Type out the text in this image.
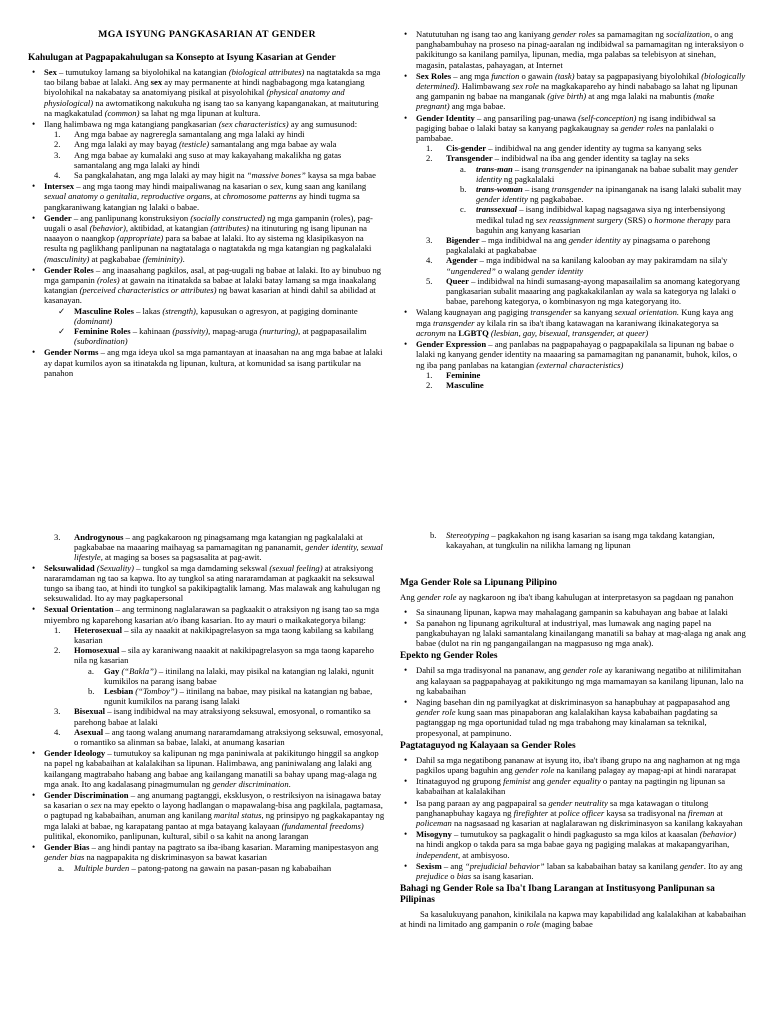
MGA ISYUNG PANGKASARIAN AT GENDER
Kahulugan at Pagpapakahulugan sa Konsepto at Isyung Kasarian at Gender
• Sex – tumutukoy lamang sa biyolohikal na katangian (biological attributes) na nagtatakda sa mga tao bilang babae at lalaki. Ang sex ay may permanente at hindi nagbabagong mga katangiang biyolohikal na nakabatay sa anatomiyang pisikal at pisyolohikal (physical anatomy and physiological) na awtomatikong nakukuha ng isang tao sa kanyang kapanganakan, at maituturing na magkakatulad (common) sa lahat ng mga lipunan at kultura.
• Ilang halimbawa ng mga katangiang pangkasarian (sex characteristics) ay ang sumusunod:
1. Ang mga babae ay nagreregla samantalang ang mga lalaki ay hindi
2. Ang mga lalaki ay may bayag (testicle) samantalang ang mga babae ay wala
3. Ang mga babae ay kumalaki ang suso at may kakayahang makalikha ng gatas samantalang ang mga lalaki ay hindi
4. Sa pangkalahatan, ang mga lalaki ay may higit na “massive bones” kaysa sa mga babae
• Intersex – ang mga taong may hindi maipaliwanag na kasarian o sex, kung saan ang kanilang sexual anatomy o genitalia, reproductive organs, at chromosome patterns ay hindi tugma sa pangkaraniwang katangian ng lalaki o babae.
• Gender – ang panlipunang konstruksiyon (socially constructed) ng mga gampanin (roles), pag-uugali o asal (behavior), aktibidad, at katangian (attributes) na itinuturing ng isang lipunan na naaayon o naangkop (appropriate) para sa babae at lalaki. Ito ay sistema ng klasipikasyon na resulta ng paglikhang panlipunan na nagtatalaga o nagtatakda ng mga katangian ng pagkalalaki (masculinity) at pagkababae (femininity).
• Gender Roles – ang inaasahang pagkilos, asal, at pag-uugali ng babae at lalaki. Ito ay binubuo ng mga gampanin (roles) at gawain na itinatakda sa babae at lalaki batay lamang sa mga inaakalang katangian (perceived characteristics or attributes) ng bawat kasarian at hindi dahil sa abilidad at kasanayan.
✓ Masculine Roles – lakas (strength), kapusukan o agresyon, at pagiging dominante (dominant)
✓ Feminine Roles – kahinaan (passivity), mapag-aruga (nurturing), at pagpapasailalim (subordination)
• Gender Norms – ang mga ideya ukol sa mga pamantayan at inaasahan na ang mga babae at lalaki ay dapat kumilos ayon sa itinatakda ng lipunan, kultura, at komunidad sa isang partikular na panahon
• Natututuhan ng isang tao ang kaniyang gender roles sa pamamagitan ng socialization, o ang panghabambuhay na proseso na pinag-aaralan ng indibidwal sa pamamagitan ng interaksiyon o pakikitungo sa kanilang pamilya, lipunan, media, mga palabas sa telebisyon at sinehan, magasin, patalastas, pahayagan, at Internet
• Sex Roles – ang mga function o gawain (task) batay sa pagpapasiyang biyolohikal (biologically determined). Halimbawang sex role na magkakapareho ay hindi nababago sa lahat ng lipunan ang gampanin ng babae na manganak (give birth) at ang mga lalaki na mabuntis (make pregnant) ang mga babae.
• Gender Identity – ang pansariling pag-unawa (self-conception) ng isang indibidwal sa pagiging babae o lalaki batay sa kanyang pagkakaugnay sa gender roles na panlalaki o pambabae.
1. Cis-gender – indibidwal na ang gender identity ay tugma sa kanyang seks
2. Transgender – indibidwal na iba ang gender identity sa taglay na seks
a. trans-man – isang transgender na ipinanganak na babae subalit may gender identity ng pagkalalaki
b. trans-woman – isang transgender na ipinanganak na isang lalaki subalit may gender identity ng pagkababae.
c. transsexual – isang indibidwal kapag nagsagawa siya ng interbensiyong medikal tulad ng sex reassignment surgery (SRS) o hormone therapy para baguhin ang kanyang kasarian
3. Bigender – mga indibidwal na ang gender identity ay pinagsama o parehong pagkalalaki at pagkababae
4. Agender – mga indibidwal na sa kanilang kalooban ay may pakiramdam na sila'y “ungendered” o walang gender identity
5. Queer – indibidwal na hindi sumasang-ayong mapasailalim sa anomang kategoryang pangkasarian subalit maaaring ang pagkakakilanlan ay wala sa kategorya ng lalaki o babae, parehong kategorya, o kombinasyon ng mga kategoryang ito.
• Walang kaugnayan ang pagiging transgender sa kanyang sexual orientation. Kung kaya ang mga transgender ay kilala rin sa iba't ibang katawagan na karaniwang ikinakategorya sa acronym na LGBTQ (lesbian, gay, bisexual, transgender, at queer)
• Gender Expression – ang panlabas na pagpapahayag o pagpapakilala sa lipunan ng babae o lalaki ng kanyang gender identity na maaaring sa pamamagitan ng pananamit, buhok, kilos, o ng iba pang panlabas na katangian (external characteristics)
1. Feminine
2. Masculine
3. Androgynous – ang pagkakaroon ng pinagsamang mga katangian ng pagkalalaki at pagkababae na maaaring maihayag sa pamamagitan ng pananamit, gender identity, sexual lifestyle, at maging sa boses sa pagsasalita at pag-awit.
• Seksuwalidad (Sexuality) – tungkol sa mga damdaming sekswal (sexual feeling) at atraksiyong nararamdaman ng tao sa kapwa. Ito ay tungkol sa ating nararamdaman at pagkaakit na seksuwal tungo sa ibang tao, at hindi ito tungkol sa pakikipagtalik lamang. Mas malawak ang kahulugan ng seksuwalidad. Ito ay may pagkapersonal
• Sexual Orientation – ang terminong naglalarawan sa pagkaakit o atraksiyon ng isang tao sa mga miyembro ng kaparehong kasarian at/o ibang kasarian. Ito ay mauri o maikakategorya bilang:
1. Heterosexual – sila ay naaakit at nakikipagrelasyon sa mga taong kabilang sa kabilang kasarian
2. Homosexual – sila ay karaniwang naaakit at nakikipagrelasyon sa mga taong kapareho nila ng kasarian
a. Gay (“Bakla”) – itinilang na lalaki, may pisikal na katangian ng lalaki, ngunit kumikilos na parang isang babae
b. Lesbian (“Tomboy”) – itinilang na babae, may pisikal na katangian ng babae, ngunit kumikilos na parang isang lalaki
3. Bisexual – isang indibidwal na may atraksiyong seksuwal, emosyonal, o romantiko sa parehong babae at lalaki
4. Asexual – ang taong walang anumang nararamdamang atraksiyong seksuwal, emosyonal, o romantiko sa alinman sa babae, lalaki, at anumang kasarian
• Gender Ideology – tumutukoy sa kalipunan ng mga paniniwala at pakikitungo hinggil sa angkop na papel ng kababaihan at kalalakihan sa lipunan. Halimbawa, ang paniniwalang ang lalaki ang kailangang magtrabaho habang ang babae ang kailangang manatili sa bahay upang mag-alaga ng mga anak. Ito ang kadalasang pinagmumulan ng gender discrimination.
• Gender Discrimination – ang anumang pagtanggi, eksklusyon, o restriksiyon na isinagawa batay sa kasarian o sex na may epekto o layong hadlangan o mapawalang-bisa ang pagkilala, pagtamasa, o pagtupad ng kababaihan, anuman ang kanilang marital status, ng prinsipyo ng pagkakapantay ng mga lalaki at babae, ng karapatang pantao at mga batayang kalayaan (fundamental freedoms) pulitikal, ekonomiko, panlipunan, kultural, sibil o sa kahit na anong larangan
• Gender Bias – ang hindi pantay na pagtrato sa iba-ibang kasarian. Maraming manipestasyon ang gender bias na nagpapakita ng diskriminasyon sa bawat kasarian
a. Multiple burden – patong-patong na gawain na pasan-pasan ng kababaihan
b. Stereotyping – pagkakahon ng isang kasarian sa isang mga takdang katangian, kakayahan, at tungkulin na nilikha lamang ng lipunan
Mga Gender Role sa Lipunang Pilipino

Ang gender role ay nagkaroon ng iba't ibang kahulugan at interpretasyon sa pagdaan ng panahon

• Sa sinaunang lipunan, kapwa may mahalagang gampanin sa kabuhayan ang babae at lalaki
• Sa panahon ng lipunang agrikultural at industriyal, mas lumawak ang naging papel na pangkabuhayan ng lalaki samantalang kinailangang manatili sa bahay at mag-alaga ng anak ang babae (dulot na rin ng pangangailangan na magpasuso ng mga anak).
Epekto ng Gender Roles
• Dahil sa mga tradisyonal na pananaw, ang gender role ay karaniwang negatibo at nililimitahan ang kalayaan sa pagpapahayag at pakikitungo ng mga mamamayan sa kanilang lipunan, lalo na ng kababaihan
• Naging basehan din ng pamilyagkat at diskriminasyon sa hanapbuhay at pagpapasahod ang gender role kung saan mas pinapaboran ang kalalakihan kaysa kababaihan pagdating sa pagtanggap ng mga oportunidad tulad ng mga trabahong may kinalaman sa teknikal, propesyonal, at pampinuno.
Pagtataguyod ng Kalayaan sa Gender Roles
• Dahil sa mga negatibong pananaw at isyung ito, iba't ibang grupo na ang naghamon at ng mga pagkilos upang baguhin ang gender role na kanilang palagay ay mapag-api at hindi nararapat
• Itinataguyod ng grupong feminist ang gender equality o pantay na pagtingin ng lipunan sa kababaihan at kalalakihan
• Isa pang paraan ay ang pagpapairal sa gender neutrality sa mga katawagan o titulong panghanapbuhay kagaya ng firefighter at police officer kaysa sa tradisyonal na fireman at policeman na nagsasaad ng kasarian at naglalarawan ng diskriminasyon sa kanilang kakayahan
• Misogyny – tumutukoy sa pagkagalit o hindi pagkagusto sa mga kilos at kaasalan (behavior) na hindi angkop o takda para sa mga babae gaya ng pagiging malakas at makapangyarihan, independent, at ambisyoso.
• Sexism – ang “prejudicial behavior” laban sa kababaihan batay sa kanilang gender. Ito ay ang prejudice o bias sa isang kasarian.
Bahagi ng Gender Role sa Iba't Ibang Larangan at Institusyong Panlipunan sa Pilipinas

Sa kasalukuyang panahon, kinikilala na kapwa may kapabilidad ang kalalakihan at kababaihan at hindi na limitado ang gampanin o role (maging babae
